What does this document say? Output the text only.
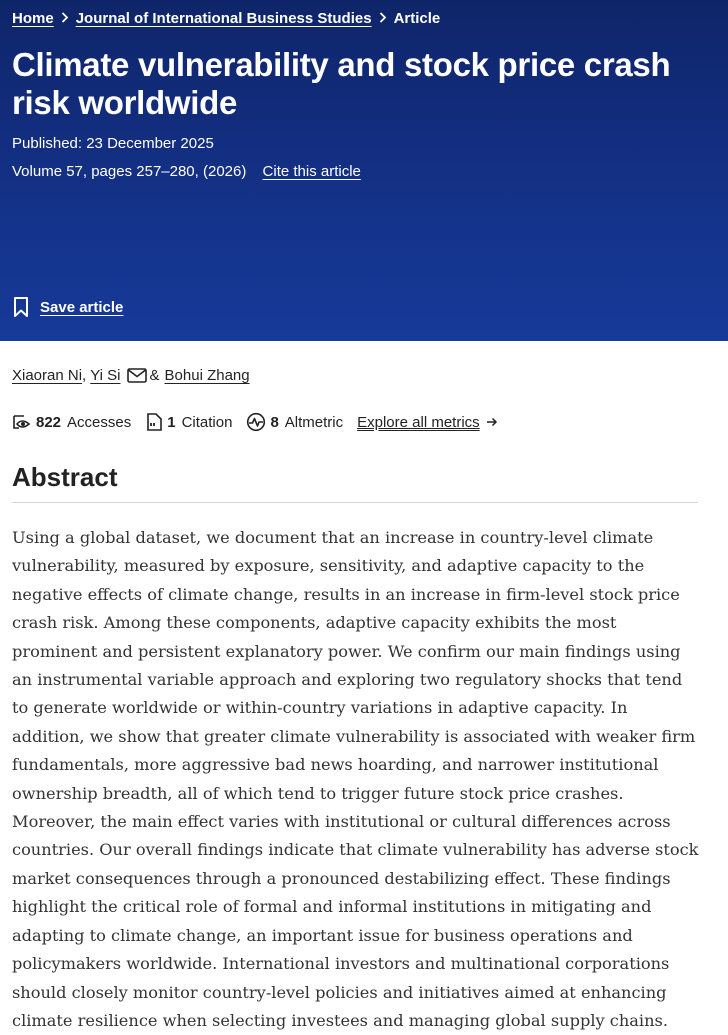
Home Journal of International Business Studies Article
Climate vulnerability and stock price crash risk worldwide

Published: 23 December 2025

Volume 57, pages 257–280, (2026) Cite this article

Save article
Xiaoran Ni , Yi Si & Bohui Zhang
822 Accesses 1 Citation	8 Altmetric Explore all metrics
Abstract

Using a global dataset, we document that an increase in country-level climate vulnerability, measured by exposure, sensitivity, and adaptive capacity to the negative effects of climate change, results in an increase in firm-level stock price crash risk. Among these components, adaptive capacity exhibits the most prominent and persistent explanatory power. We confirm our main findings using an instrumental variable approach and exploring two regulatory shocks that tend to generate worldwide or within-country variations in adaptive capacity. In addition, we show that greater climate vulnerability is associated with weaker firm fundamentals, more aggressive bad news hoarding, and narrower institutional ownership breadth, all of which tend to trigger future stock price crashes. Moreover, the main effect varies with institutional or cultural differences across countries. Our overall findings indicate that climate vulnerability has adverse stock market consequences through a pronounced destabilizing effect. These findings highlight the critical role of formal and informal institutions in mitigating and adapting to climate change, an important issue for business operations and policymakers worldwide. International investors and multinational corporations should closely monitor country-level policies and initiatives aimed at enhancing climate resilience when selecting investees and managing global supply chains.
